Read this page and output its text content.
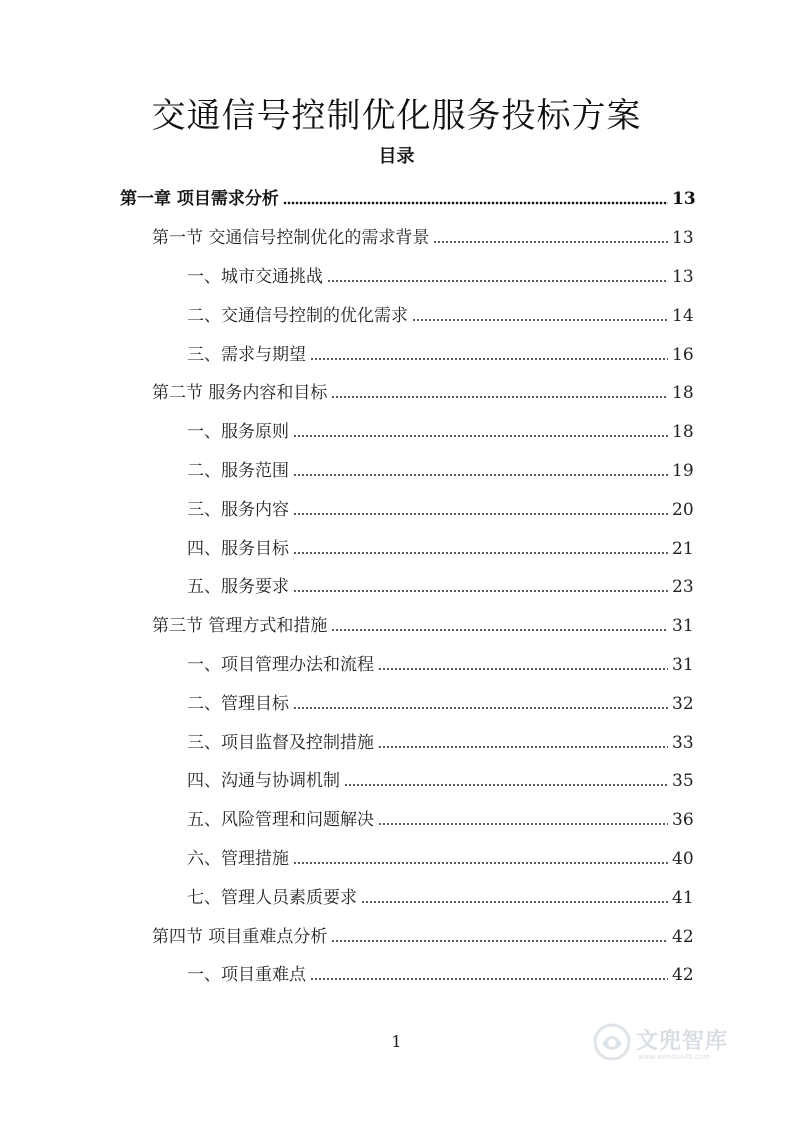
交通信号控制优化服务投标方案
目录
第一章 项目需求分析	13
第一节 交通信号控制优化的需求背景	13
一、城市交通挑战	13
二、交通信号控制的优化需求	14
三、需求与期望	16
第二节 服务内容和目标	18
一、服务原则	18
二、服务范围	19
三、服务内容	20
四、服务目标	21
五、服务要求	23
第三节 管理方式和措施	31
一、项目管理办法和流程	31
二、管理目标	32
三、项目监督及控制措施	33
四、沟通与协调机制	35
五、风险管理和问题解决	36
六、管理措施	40
七、管理人员素质要求	41
第四节 项目重难点分析	42
一、项目重难点	42
1	文兜智库
www.wenduolib.com
